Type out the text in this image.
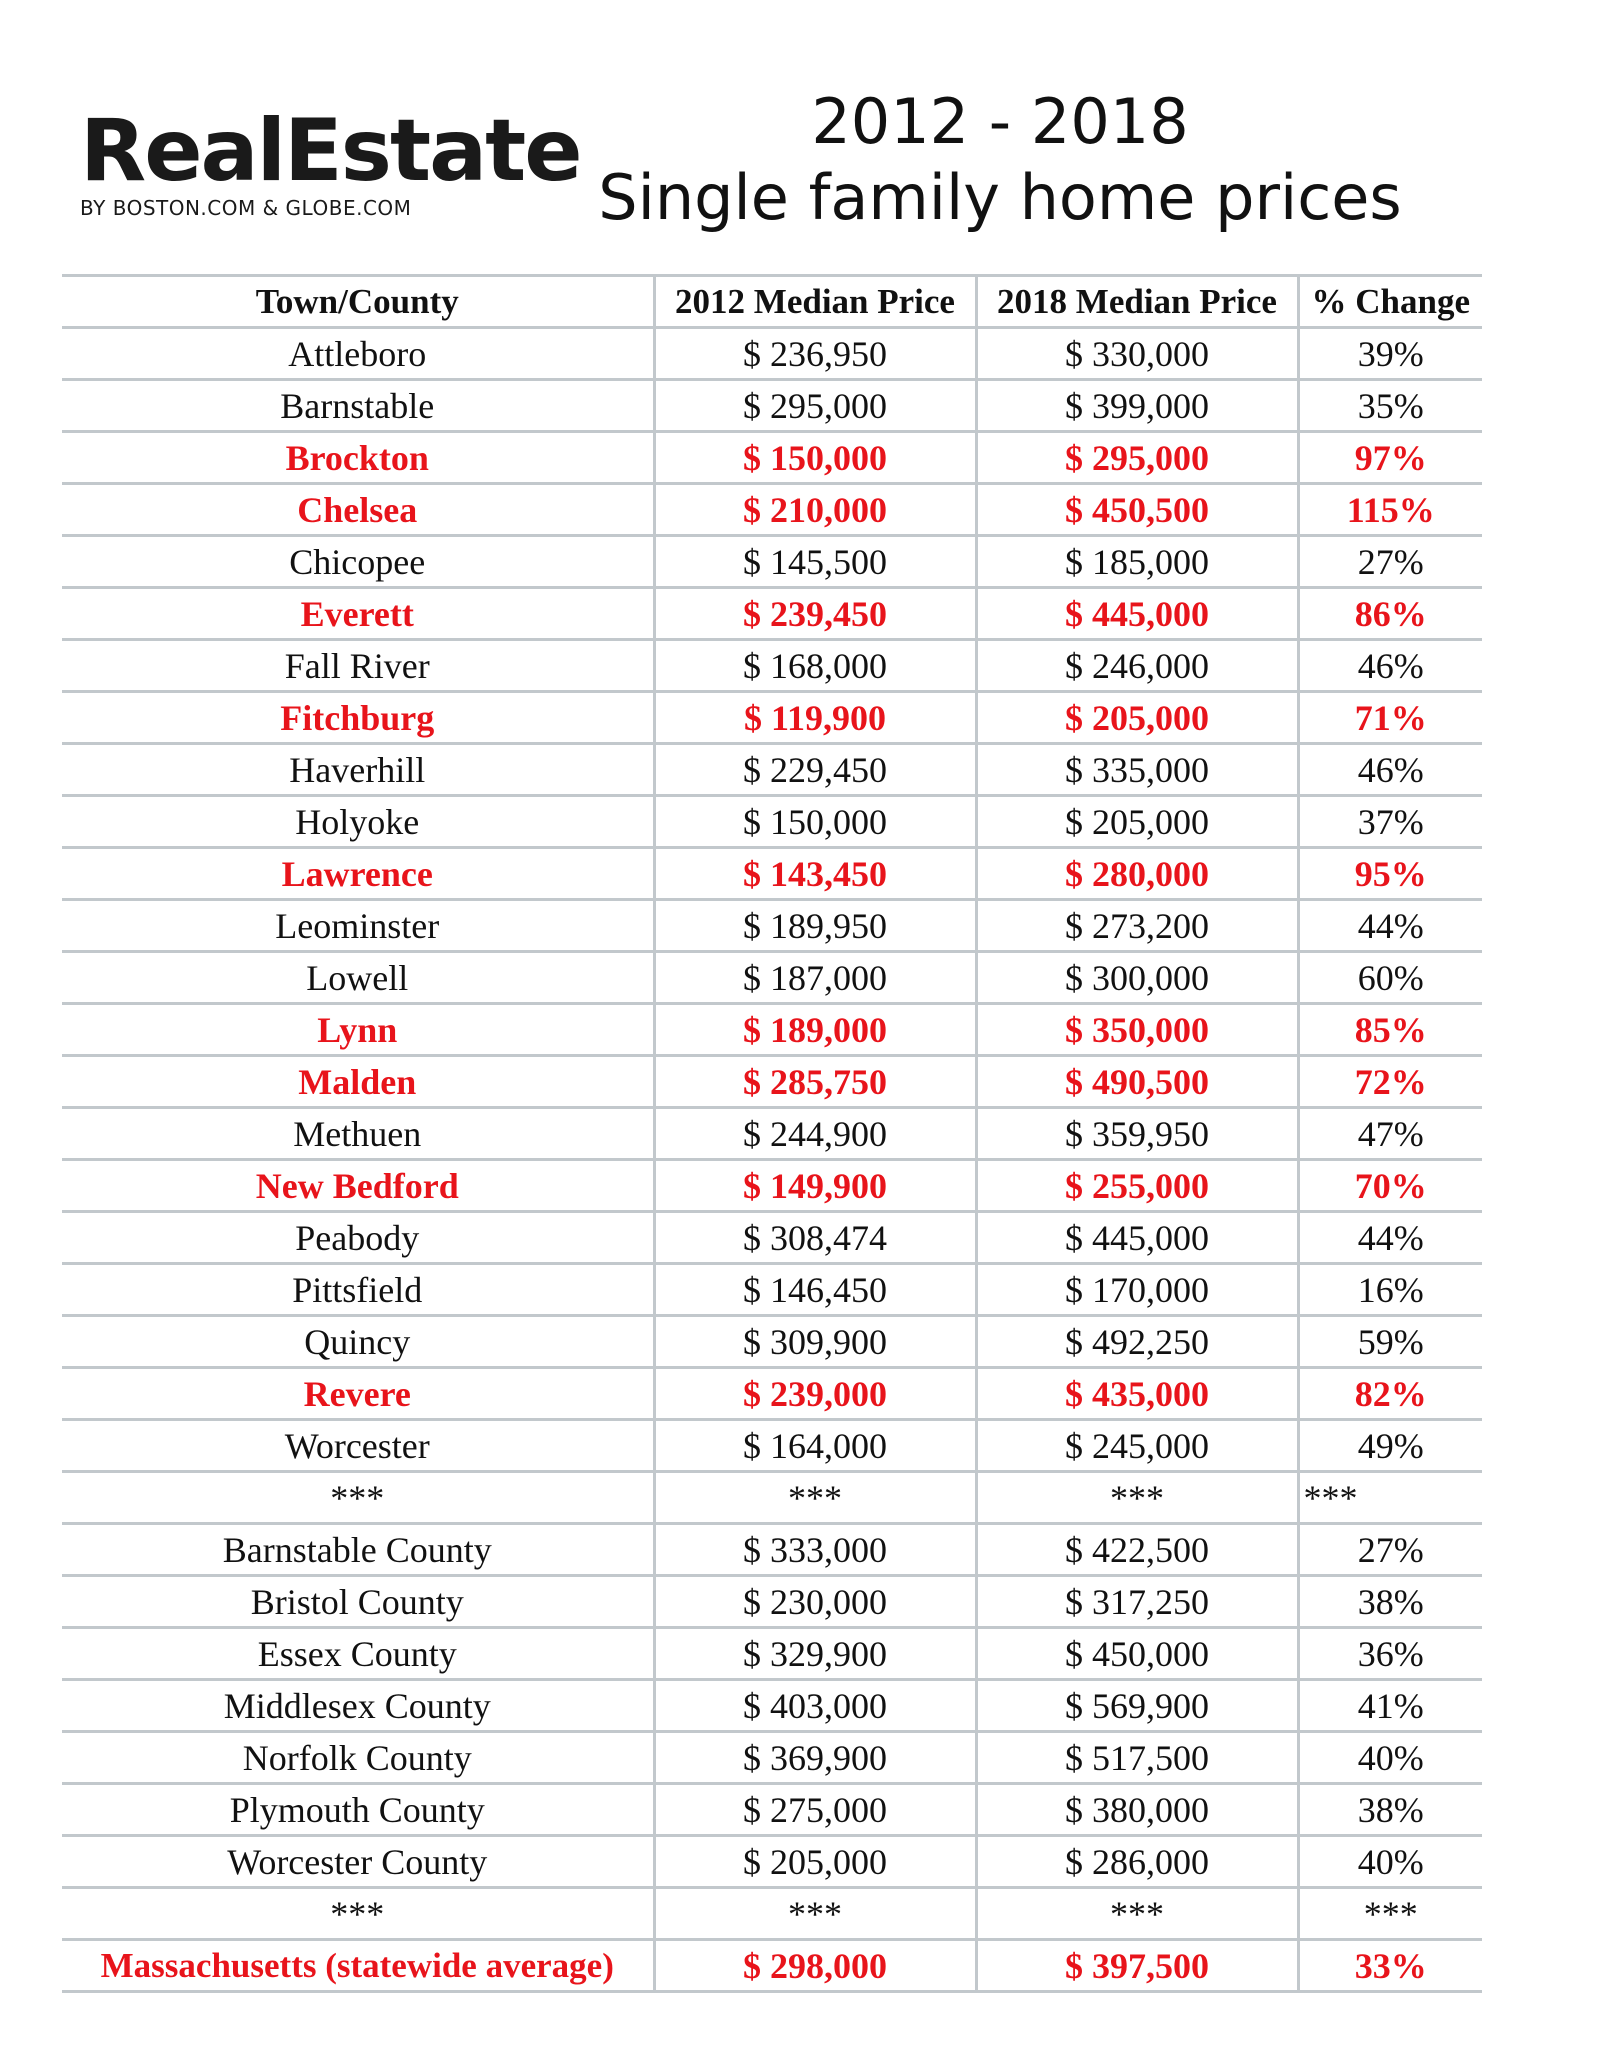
RealEstate
BY BOSTON.COM & GLOBE.COM
2012 - 2018
Single family home prices
Town/County	2012 Median Price	2018 Median Price	% Change
Attleboro	$ 236,950	$ 330,000	39%
Barnstable	$ 295,000	$ 399,000	35%
Brockton	$ 150,000	$ 295,000	97%
Chelsea	$ 210,000	$ 450,500	115%
Chicopee	$ 145,500	$ 185,000	27%
Everett	$ 239,450	$ 445,000	86%
Fall River	$ 168,000	$ 246,000	46%
Fitchburg	$ 119,900	$ 205,000	71%
Haverhill	$ 229,450	$ 335,000	46%
Holyoke	$ 150,000	$ 205,000	37%
Lawrence	$ 143,450	$ 280,000	95%
Leominster	$ 189,950	$ 273,200	44%
Lowell	$ 187,000	$ 300,000	60%
Lynn	$ 189,000	$ 350,000	85%
Malden	$ 285,750	$ 490,500	72%
Methuen	$ 244,900	$ 359,950	47%
New Bedford	$ 149,900	$ 255,000	70%
Peabody	$ 308,474	$ 445,000	44%
Pittsfield	$ 146,450	$ 170,000	16%
Quincy	$ 309,900	$ 492,250	59%
Revere	$ 239,000	$ 435,000	82%
Worcester	$ 164,000	$ 245,000	49%
***	***	***	***
Barnstable County	$ 333,000	$ 422,500	27%
Bristol County	$ 230,000	$ 317,250	38%
Essex County	$ 329,900	$ 450,000	36%
Middlesex County	$ 403,000	$ 569,900	41%
Norfolk County	$ 369,900	$ 517,500	40%
Plymouth County	$ 275,000	$ 380,000	38%
Worcester County	$ 205,000	$ 286,000	40%
***	***	***	***
Massachusetts (statewide average)	$ 298,000	$ 397,500	33%
